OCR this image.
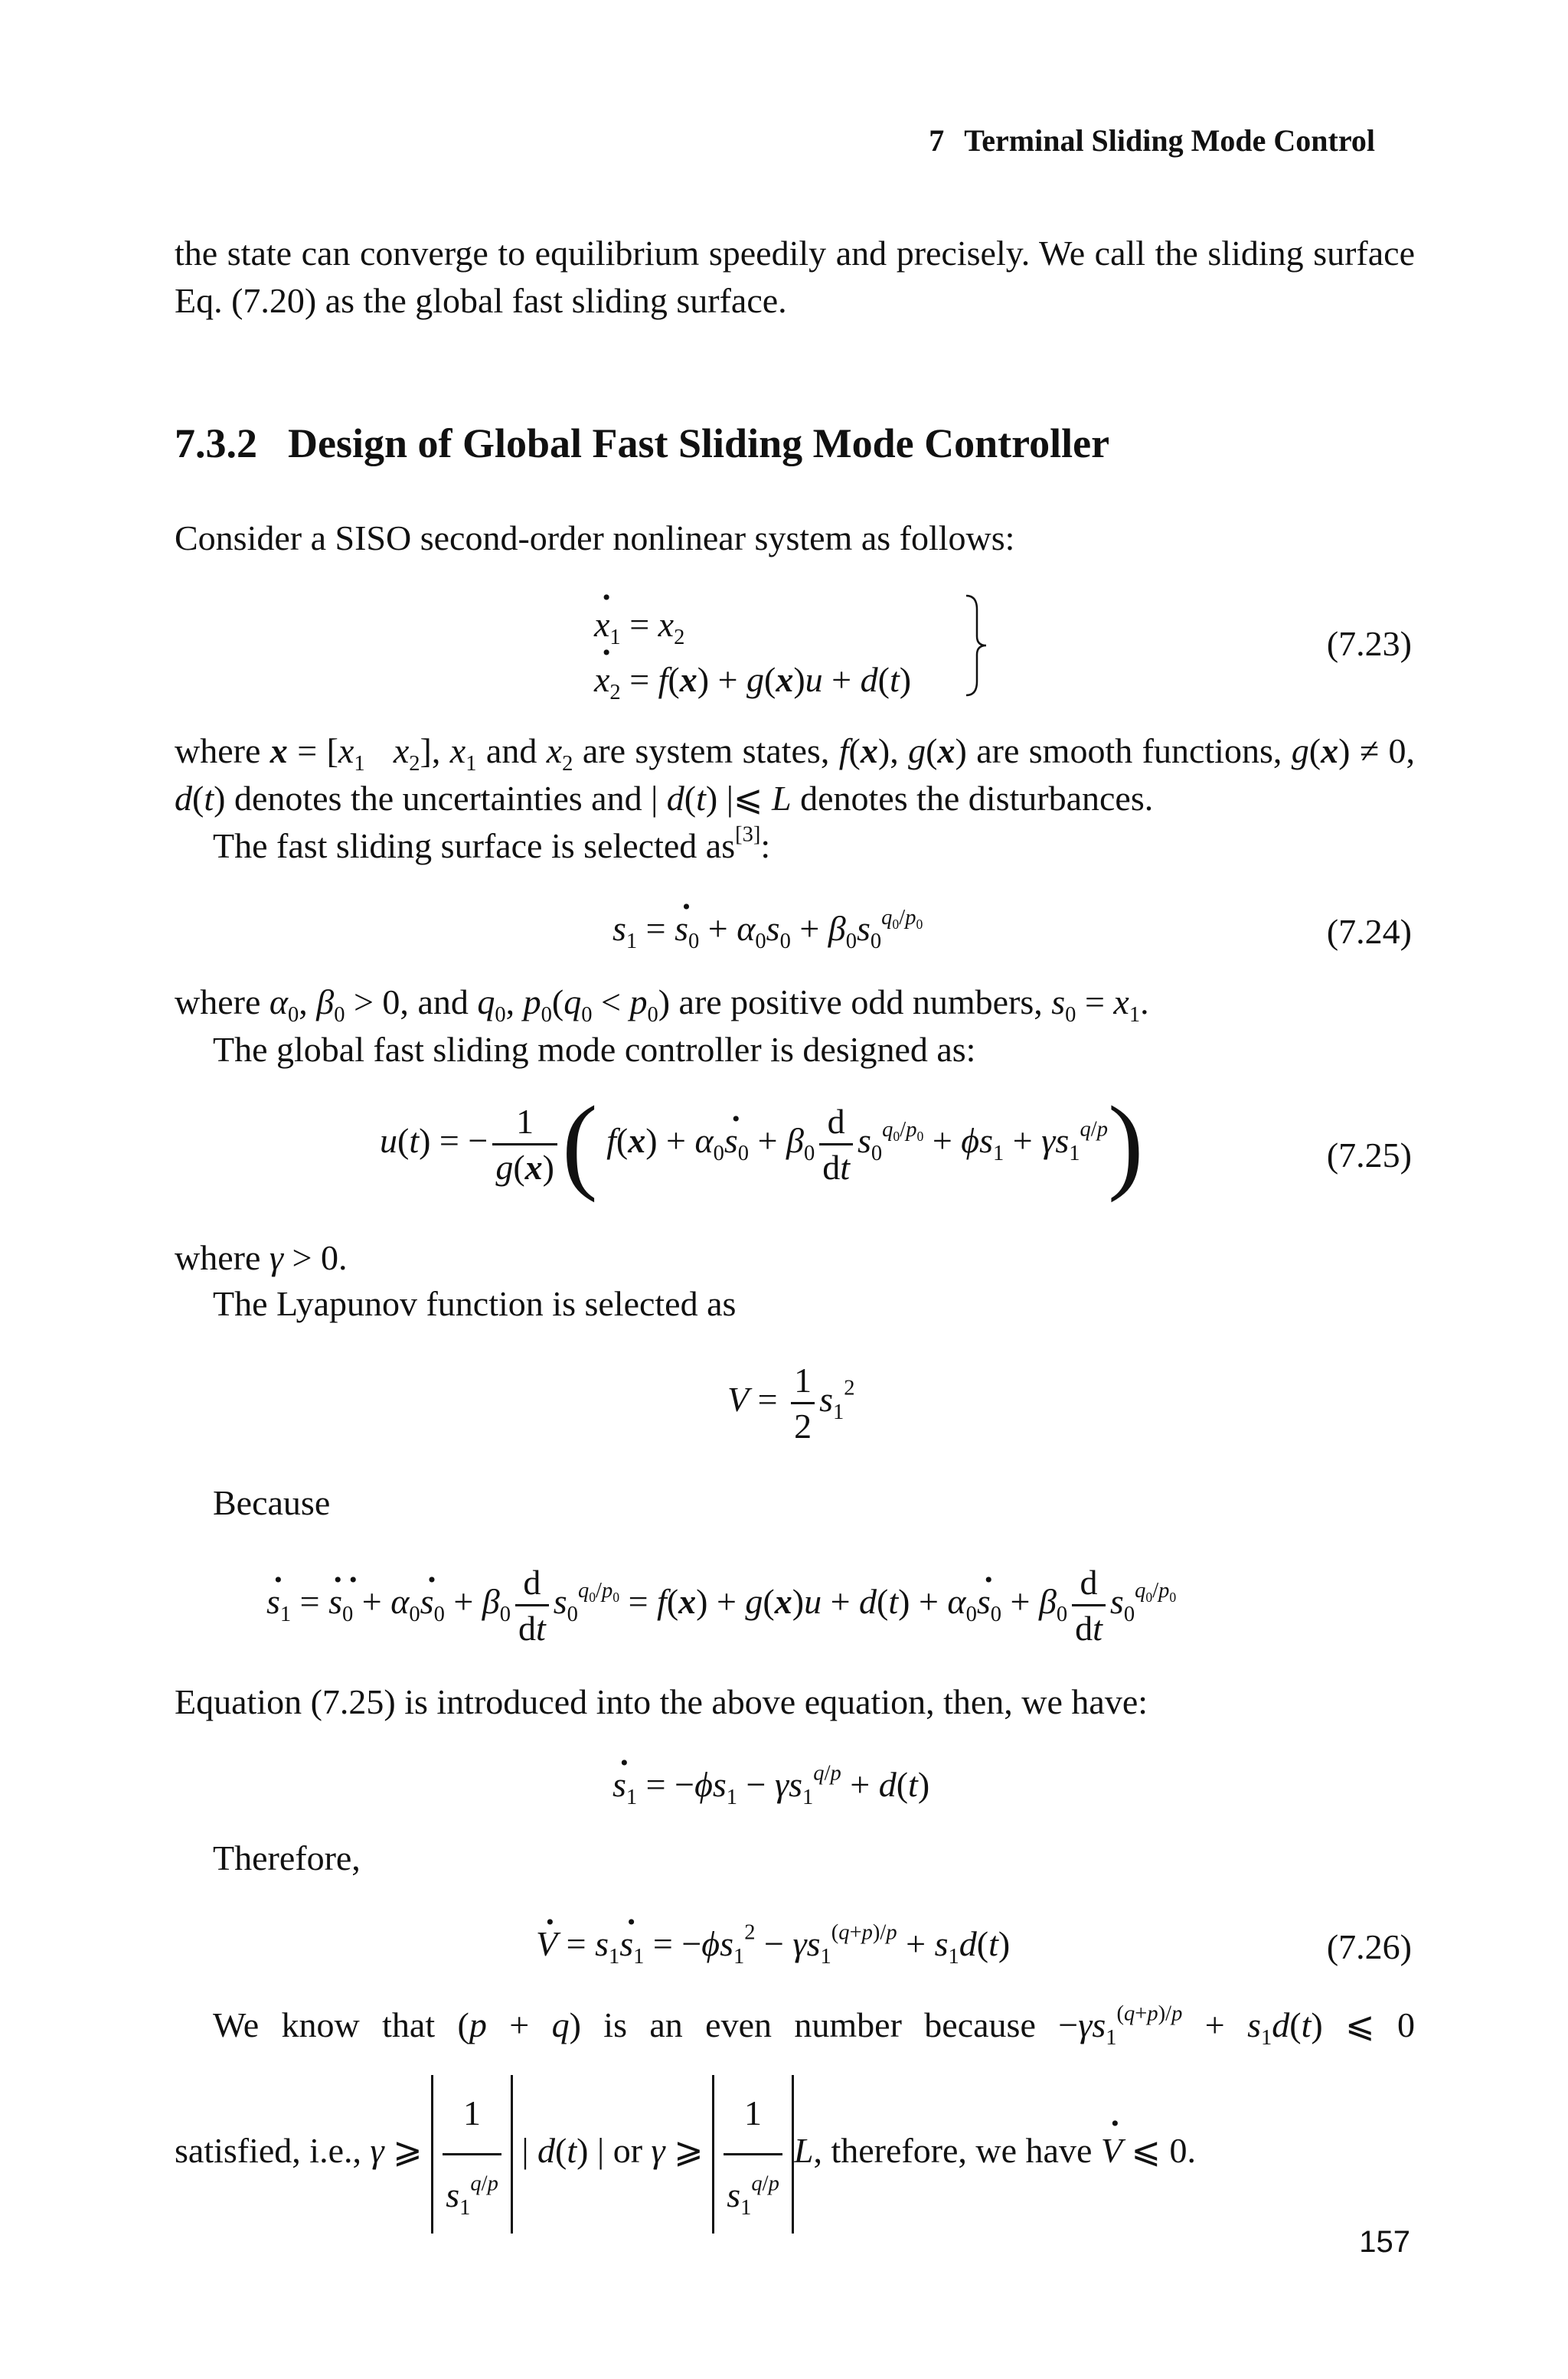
7 Terminal Sliding Mode Control
the state can converge to equilibrium speedily and precisely. We call the sliding surface Eq. (7.20) as the global fast sliding surface.
7.3.2 Design of Global Fast Sliding Mode Controller
Consider a SISO second-order nonlinear system as follows:
$x \cdot_1 = x_2$
$x \cdot_2 = f(x) + g(x)u + d(t)$
(7.23)
where $x = [x_1$ $x_2$], $x_1$ and $x_2$ are system states, f(x), g(x) are smooth functions, g(x) ≠ 0, d(t) denotes the uncertainties and | d(t) |⩽ L denotes the disturbances.
The fast sliding surface is selected as[3]:
$s_1 = s \cdot_0 + \alpha_0s_0 + \beta_0s_0^{q_0/p_0}$	(7.24)
where $\alpha_0$, $\beta_0 > 0$, and $q_0$, $p_0(q_0 < p_0)$ are positive odd numbers, $s_0 = x_1$.
The global fast sliding mode controller is designed as:
u(t) = − $\frac{1}{g(x)}$ ( $f(x) + \alpha_0s \cdot_0 + \beta_0 \frac{d}{dt} s_0^{q_0/p_0} + \phi s_1 + \gamma s_1^{q/p}$)	(7.25)
where γ > 0.
The Lyapunov function is selected as
$V = \frac{1}{2} s_1^2$
Because
$s \cdot_1 = s \cdot\cdot_0 + \alpha_0s \cdot_0 + \beta_0 \frac{d}{dt} s_0^{q_0/p_0} = f(x) + g(x)u + d(t) + \alpha_0s \cdot_0 + \beta_0 \frac{d}{dt} s_0^{q_0/p_0}$
Equation (7.25) is introduced into the above equation, then, we have:
$s \cdot_1 = -\phi s_1 - \gamma s_1^{q/p} + d(t)$
Therefore,
V · = $s_1s \cdot_1 = -\phi s_1^2 - \gamma s_1^{(q+p)/p} + s_1d(t)$	(7.26)
We know that (p + q) is an even number because $-\gamma s_1^{(q+p)/p} + s_1d(t)$ ⩽ 0
satisfied, i.e., γ ⩾ $\frac{1}{s_1^{q/p}}$ | d(t) | or γ ⩾ $\frac{1}{s_1^{q/p}} L$, therefore, we have V · ⩽ 0.
157
